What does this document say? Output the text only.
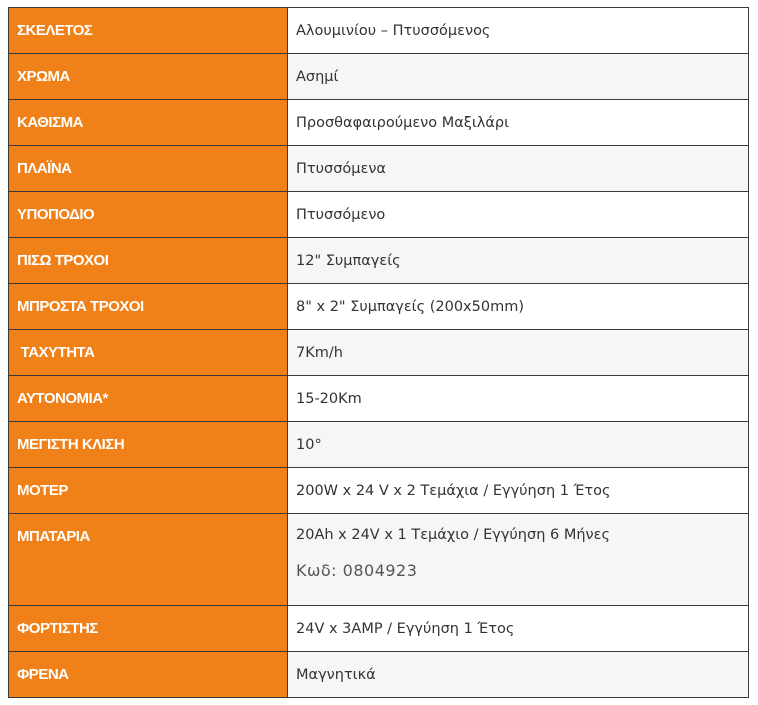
ΣΚΕΛΕΤΟΣ	Αλουμινίου – Πτυσσόμενος
ΧΡΩΜΑ	Ασημί
ΚΑΘΙΣΜΑ	Προσθαφαιρούμενο Μαξιλάρι
ΠΛΑΪΝΑ	Πτυσσόμενα
ΥΠΟΠΟΔΙΟ	Πτυσσόμενο
ΠΙΣΩ ΤΡΟΧΟΙ	12" Συμπαγείς
ΜΠΡΟΣΤΑ ΤΡΟΧΟΙ	8" x 2" Συμπαγείς (200x50mm)
ΤΑΧΥΤΗΤΑ	7Km/h
ΑΥΤΟΝΟΜΙΑ*	15-20Km
ΜΕΓΙΣΤΗ ΚΛΙΣΗ	10°
ΜΟΤΕΡ	200W x 24 V x 2 Τεμάχια / Εγγύηση 1 Έτος
ΜΠΑΤΑΡΙΑ	20Ah x 24V x 1 Τεμάχιο / Εγγύηση 6 Μήνες
Κωδ: 0804923

ΦΟΡΤΙΣΤΗΣ	24V x 3AMP / Εγγύηση 1 Έτος
ΦΡΕΝΑ	Μαγνητικά
